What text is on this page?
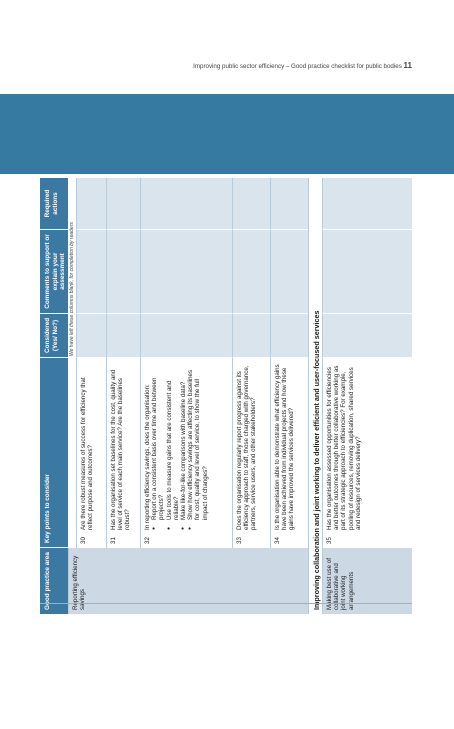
Improving public sector efficiency – Good practice checklist for public bodies 11
Good practice area
Key points to consider
Considered (Yes/ No?)
Comments to support or explain your assessment
Required actions
We have left these columns blank, for completion by readers
Reporting efficiency savings
30
Are there robust measures of success for efficiency that reflect purpose and outcomes?
31
Has the organisation set baselines for the cost, quality and level of service of each main service? Are the baselines robust?
32
In reporting efficiency savings, does the organisation: ● Report on a consistent basis over time and between projects? ● Use tools to measure gains that are consistent and reliable? ● Make like-for-like comparisons with baseline data? ● Show how efficiency savings are affecting its baselines for cost, quality and level of service, to show the full impact of changes?
33
Does the organisation regularly report progress against its efficiency approach to staff, those charged with governance, partners, service users, and other stakeholders?
34
Is the organisation able to demonstrate what efficiency gains have been achieved from individual projects and how these gains have improved the services delivered?	Improving collaboration and joint working to deliver efficient and user-focused services Making best use of collaborative and joint working arrangements
35
Has the organisation assessed opportunities for efficiencies and better outcomes through better collaborative working as part of its strategic approach to efficiencies? For example, pooling of resources, removing duplication, shared services and redesign of services delivery?
